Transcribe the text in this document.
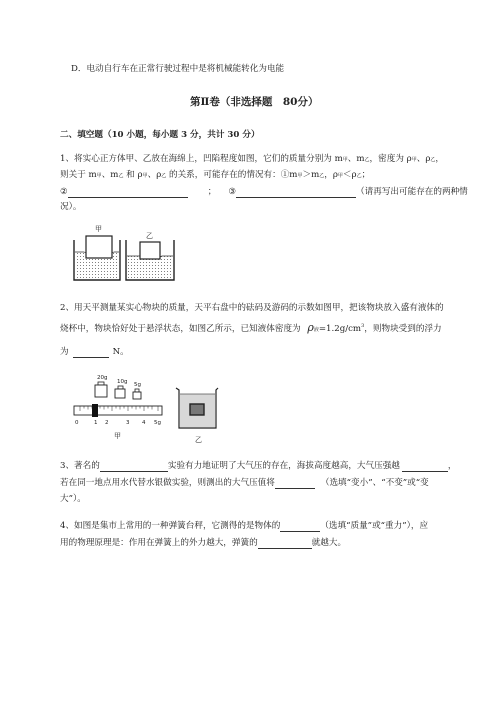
D．电动自行车在正常行驶过程中是将机械能转化为电能
第Ⅱ卷（非选择题　80分）
二、填空题（10 小题，每小题 3 分，共计 30 分）
1、将实心正方体甲、乙放在海绵上，凹陷程度如图，它们的质量分别为 m甲、m乙，密度为 ρ甲、ρ乙，
则关于 m甲、m乙 和 ρ甲、ρ乙 的关系，可能存在的情况有：①m甲＞m乙，ρ甲＜ρ乙；
②	； ③	（请再写出可能存在的两种情
况）。
甲
乙
2、用天平测量某实心物块的质量，天平右盘中的砝码及游码的示数如图甲，把该物块放入盛有液体的
烧杯中，物块恰好处于悬浮状态，如图乙所示，已知液体密度为 ρ液$=1.2g/cm^3$，则物块受到的浮力
为	N。
20g
10g 5g
0	1 2	3 4 5g
甲	乙
3、著名的	实验有力地证明了大气压的存在，海拔高度越高，大气压强越	，
若在同一地点用水代替水银做实验，则测出的大气压值将	（选填“变小”、“不变”或“变
大”）。
4、如图是集市上常用的一种弹簧台秤，它测得的是物体的	（选填“质量”或“重力”），应
用的物理原理是：作用在弹簧上的外力越大，弹簧的	就越大。
